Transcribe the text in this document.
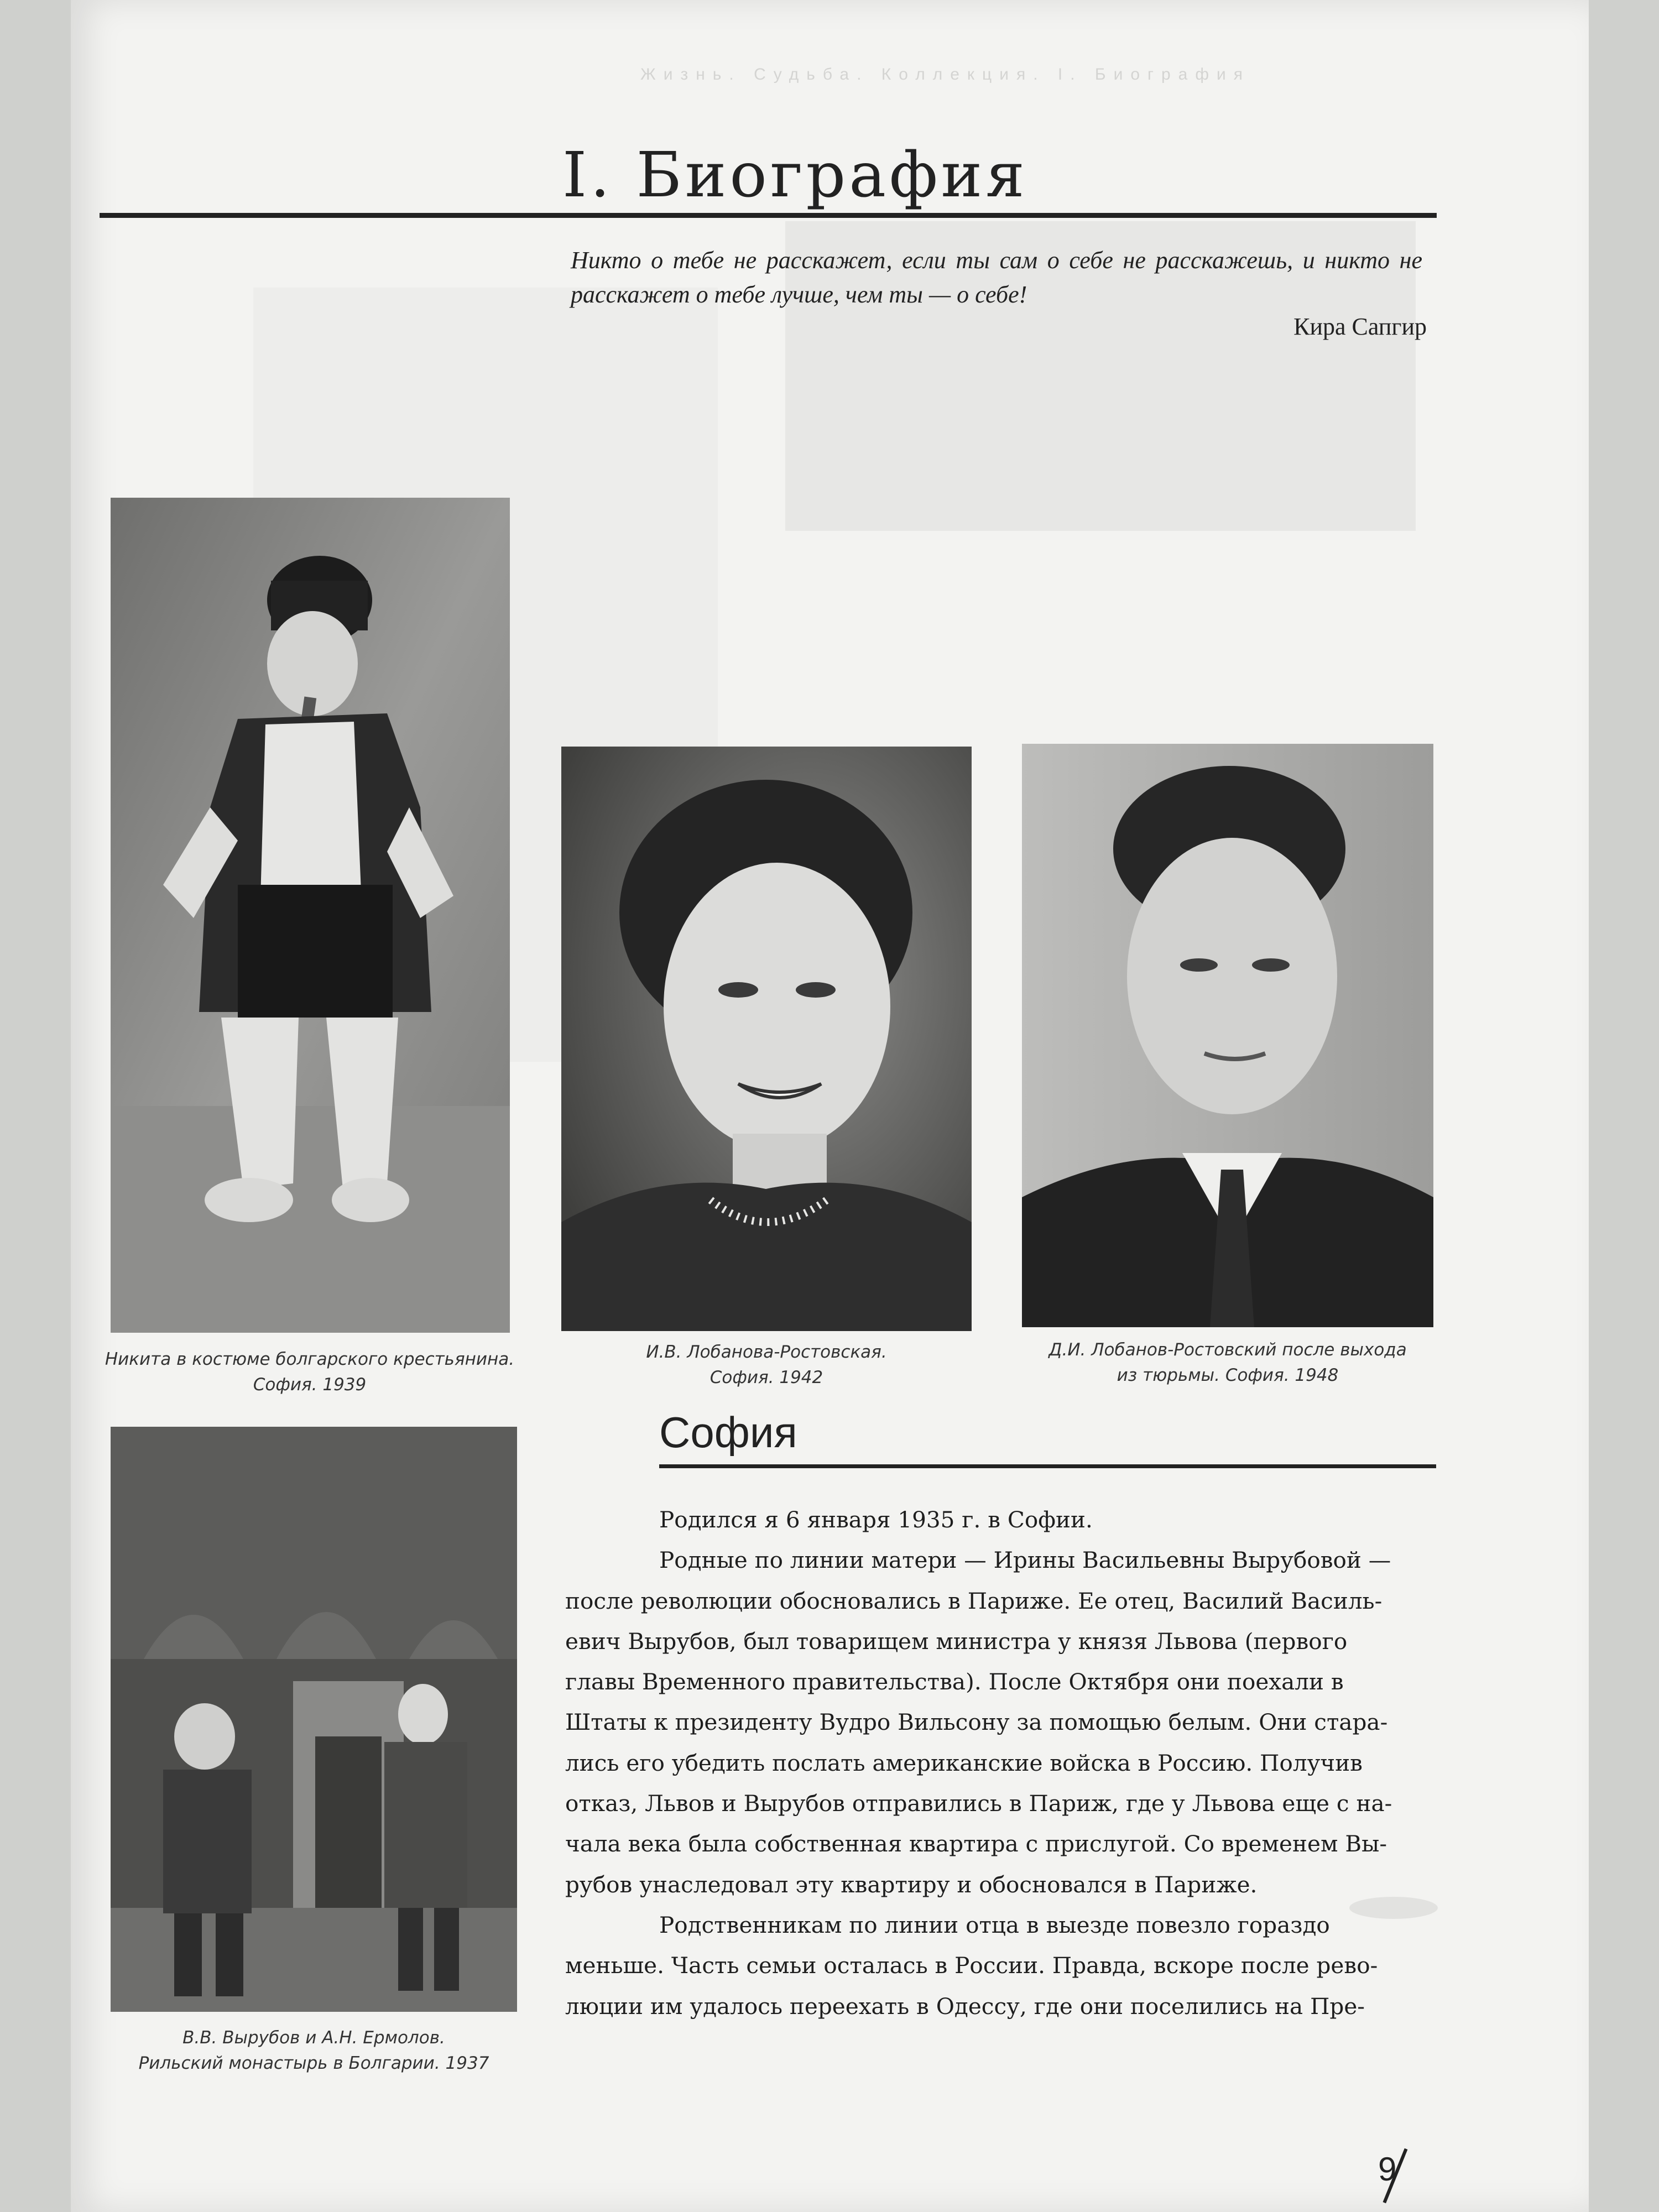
Жизнь. Судьба. Коллекция. I. Биография
I. Биография
Никто о тебе не расскажет, если ты сам о себе не расскажешь, и никто не расскажет о тебе лучше, чем ты — о себе!
Кира Сапгир
Никита в костюме болгарского крестьянина.
София. 1939
И.В. Лобанова-Ростовская.
София. 1942
Д.И. Лобанов-Ростовский после выхода
из тюрьмы. София. 1948
В.В. Вырубов и А.Н. Ермолов.
Рильский монастырь в Болгарии. 1937
София

Родился я 6 января 1935 г. в Софии.

Родные по линии матери — Ирины Васильевны Вырубовой —
после революции обосновались в Париже. Ее отец, Василий Василь-
евич Вырубов, был товарищем министра у князя Львова (первого
главы Временного правительства). После Октября они поехали в
Штаты к президенту Вудро Вильсону за помощью белым. Они стара-
лись его убедить послать американские войска в Россию. Получив
отказ, Львов и Вырубов отправились в Париж, где у Львова еще с на-
чала века была собственная квартира с прислугой. Со временем Вы-
рубов унаследовал эту квартиру и обосновался в Париже.

Родственникам по линии отца в выезде повезло гораздо
меньше. Часть семьи осталась в России. Правда, вскоре после рево-
люции им удалось переехать в Одессу, где они поселились на Пре-

9
